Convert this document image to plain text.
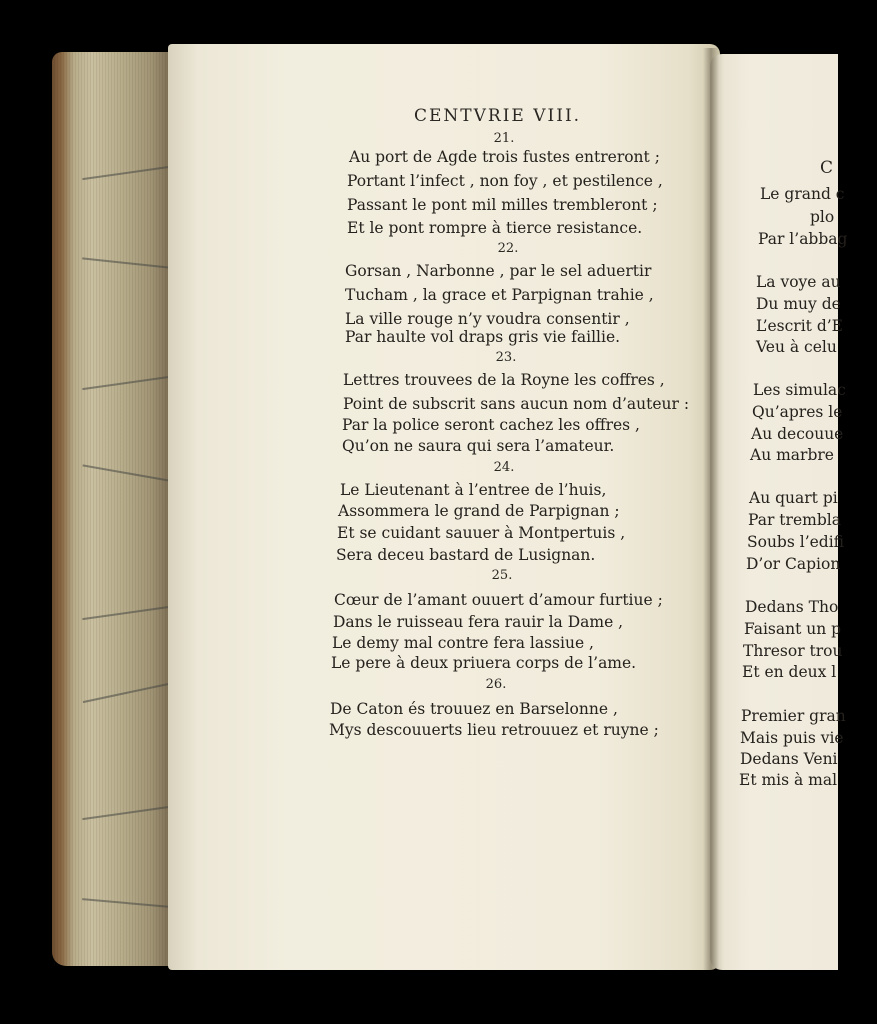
CENTVRIE VIII.
21.
Au port de Agde trois fustes entreront ;
Portant l’infect , non foy , et pestilence ,
Passant le pont mil milles trembleront ;
Et le pont rompre à tierce resistance.
22.
Gorsan , Narbonne , par le sel aduertir
Tucham , la grace et Parpignan trahie ,
La ville rouge n’y voudra consentir ,
Par haulte vol draps gris vie faillie.
23.
Lettres trouvees de la Royne les coffres ,
Point de subscrit sans aucun nom d’auteur :
Par la police seront cachez les offres ,
Qu’on ne saura qui sera l’amateur.
24.
Le Lieutenant à l’entree de l’huis,
Assommera le grand de Parpignan ;
Et se cuidant sauuer à Montpertuis ,
Sera deceu bastard de Lusignan.
25.
Cœur de l’amant ouuert d’amour furtiue ;
Dans le ruisseau fera rauir la Dame ,
Le demy mal contre fera lassiue ,
Le pere à deux priuera corps de l’ame.
26.
De Caton és trouuez en Barselonne ,
Mys descouuerts lieu retrouuez et ruyne ;
C
Le grand c
plo
Par l’abbag
La voye au
Du muy de
L’escrit d’E
Veu à celu
Les simulac
Qu’apres le
Au decouue
Au marbre
Au quart pi
Par trembla
Soubs l’edifi
D’or Capion
Dedans Tho
Faisant un p
Thresor trou
Et en deux l
Premier gran
Mais puis vie
Dedans Veni
Et mis à mal
